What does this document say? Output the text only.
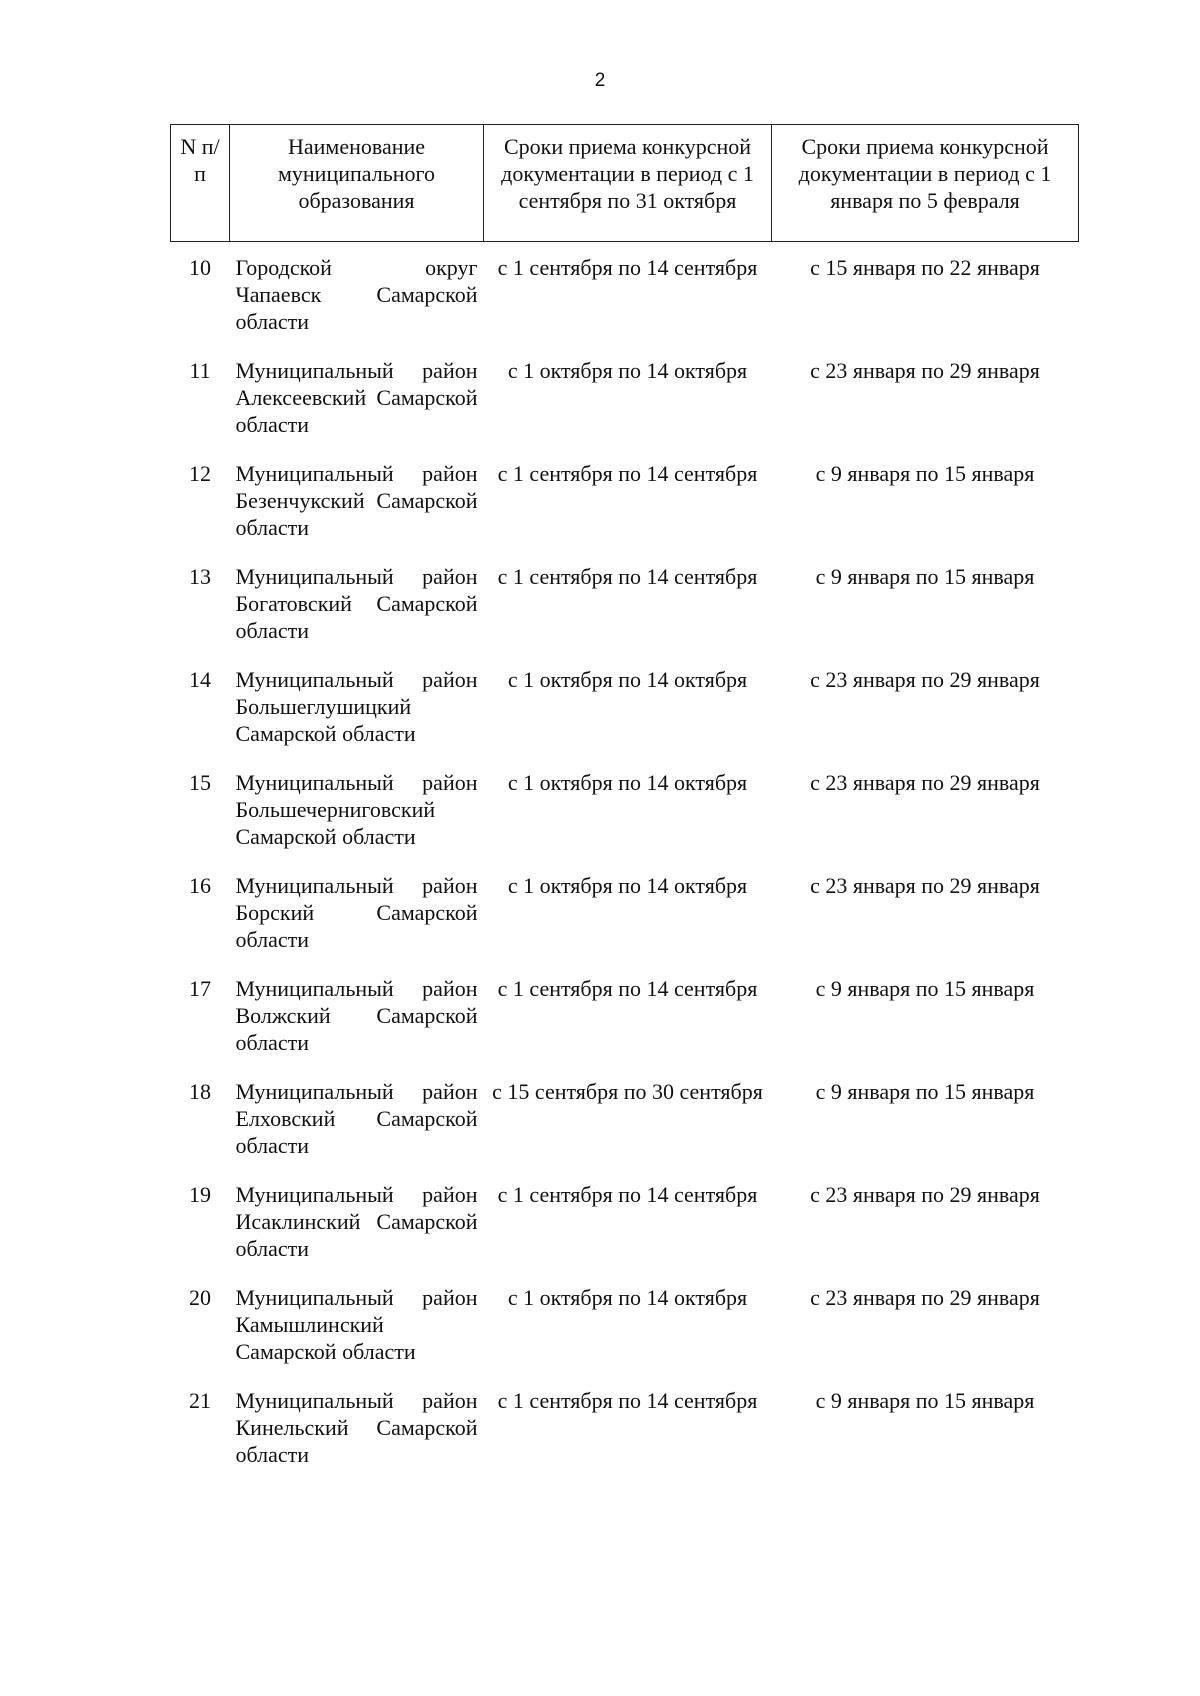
2
N п/п	Наименование муниципального образования	Сроки приема конкурсной документации в период с 1 сентября по 31 октября	Сроки приема конкурсной документации в период с 1 января по 5 февраля
10	Городской округ Чапаевск Самарской области	с 1 сентября по 14 сентября	с 15 января по 22 января
11	Муниципальный район Алексеевский Самарской области	с 1 октября по 14 октября	с 23 января по 29 января
12	Муниципальный район Безенчукский Самарской области	с 1 сентября по 14 сентября	с 9 января по 15 января
13	Муниципальный район Богатовский Самарской области	с 1 сентября по 14 сентября	с 9 января по 15 января
14	Муниципальный район Большеглушицкий Самарской области	с 1 октября по 14 октября	с 23 января по 29 января
15	Муниципальный район Большечерниговский Самарской области	с 1 октября по 14 октября	с 23 января по 29 января
16	Муниципальный район Борский Самарской области	с 1 октября по 14 октября	с 23 января по 29 января
17	Муниципальный район Волжский Самарской области	с 1 сентября по 14 сентября	с 9 января по 15 января
18	Муниципальный район Елховский Самарской области	с 15 сентября по 30 сентября	с 9 января по 15 января
19	Муниципальный район Исаклинский Самарской области	с 1 сентября по 14 сентября	с 23 января по 29 января
20	Муниципальный район Камышлинский Самарской области	с 1 октября по 14 октября	с 23 января по 29 января
21	Муниципальный район Кинельский Самарской области	с 1 сентября по 14 сентября	с 9 января по 15 января
